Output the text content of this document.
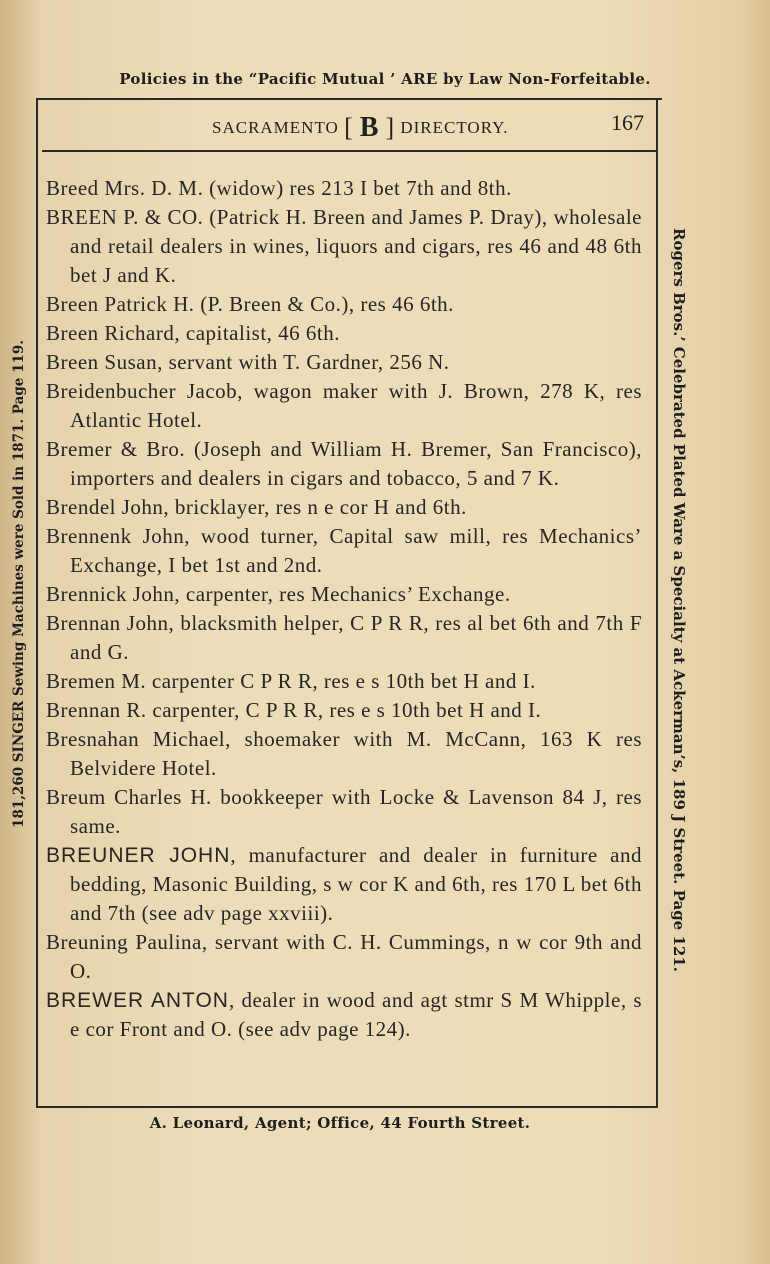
Policies in the “Pacific Mutual ’ ARE by Law Non-Forfeitable.
181,260 SINGER Sewing Machines were Sold in 1871. Page 119.	Rogers Bros.’ Celebrated Plated Ware a Specialty at Ackerman’s, 189 J Street. Page 121.
SACRAMENTO [ B ] DIRECTORY.	167
Breed Mrs. D. M. (widow) res 213 I bet 7th and 8th.
BREEN P. & CO. (Patrick H. Breen and James P. Dray), wholesale and retail dealers in wines, liquors and cigars, res 46 and 48 6th bet J and K.
Breen Patrick H. (P. Breen & Co.), res 46 6th.
Breen Richard, capitalist, 46 6th.
Breen Susan, servant with T. Gardner, 256 N.
Breidenbucher Jacob, wagon maker with J. Brown, 278 K, res Atlantic Hotel.
Bremer & Bro. (Joseph and William H. Bremer, San Francisco), importers and dealers in cigars and tobacco, 5 and 7 K.
Brendel John, bricklayer, res n e cor H and 6th.
Brennenk John, wood turner, Capital saw mill, res Mechanics’ Exchange, I bet 1st and 2nd.
Brennick John, carpenter, res Mechanics’ Exchange.
Brennan John, blacksmith helper, C P R R, res al bet 6th and 7th F and G.
Bremen M. carpenter C P R R, res e s 10th bet H and I.
Brennan R. carpenter, C P R R, res e s 10th bet H and I.
Bresnahan Michael, shoemaker with M. McCann, 163 K res Belvidere Hotel.
Breum Charles H. bookkeeper with Locke & Lavenson 84 J, res same.
BREUNER JOHN, manufacturer and dealer in furniture and bedding, Masonic Building, s w cor K and 6th, res 170 L bet 6th and 7th (see adv page xxviii).
Breuning Paulina, servant with C. H. Cummings, n w cor 9th and O.
BREWER ANTON, dealer in wood and agt stmr S M Whipple, s e cor Front and O. (see adv page 124).
A. Leonard, Agent; Office, 44 Fourth Street.
